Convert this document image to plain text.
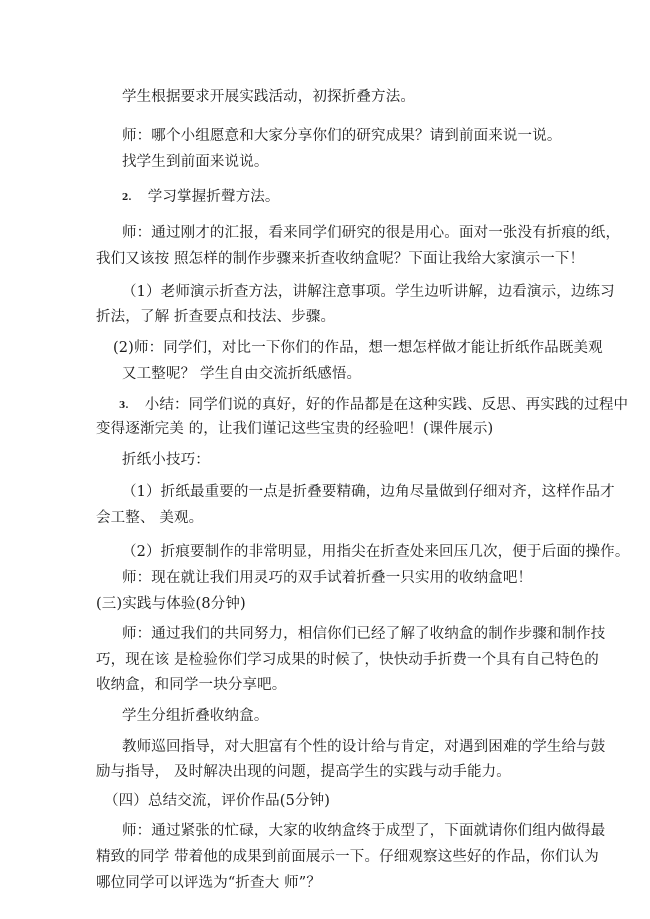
学生根据要求开展实践活动，初探折叠方法。
师：哪个小组愿意和大家分享你们的研究成果？请到前面来说一说。
找学生到前面来说说。
2. 学习掌握折聲方法。
师：通过刚才的汇报，看来同学们研究的很是用心。面对一张没有折痕的纸，
我们又该按 照怎样的制作步骤来折查收纳盒呢？下面让我给大家演示一下！
（1）老师演示折查方法，讲解注意事项。学生边听讲解，边看演示，边练习
折法，了解 折查要点和技法、步骤。
(2)师：同学们，对比一下你们的作品，想一想怎样做才能让折纸作品既美观
又工整呢？ 学生自由交流折纸感悟。
3. 小结：同学们说的真好，好的作品都是在这种实践、反思、再实践的过程中
变得逐渐完美 的，让我们谨记这些宝贵的经验吧！(课件展示)
折纸小技巧：
（1）折纸最重要的一点是折叠要精确，边角尽量做到仔细对齐，这样作品才
会工整、 美观。
（2）折痕要制作的非常明显，用指尖在折查处来回压几次，便于后面的操作。
师：现在就让我们用灵巧的双手试着折叠一只实用的收纳盒吧！
(三)实践与体验(8分钟)
师：通过我们的共同努力，相信你们已经了解了收纳盒的制作步骤和制作技
巧，现在该 是检验你们学习成果的时候了，快快动手折费一个具有自己特色的
收纳盒，和同学一块分享吧。
学生分组折叠收纳盒。
教师巡回指导，对大胆富有个性的设计给与肯定，对遇到困难的学生给与鼓
励与指导， 及时解决出现的问题，提高学生的实践与动手能力。
（四）总结交流，评价作品(5分钟)
师：通过紧张的忙碌，大家的收纳盒终于成型了，下面就请你们组内做得最
精致的同学 带着他的成果到前面展示一下。仔细观察这些好的作品，你们认为
哪位同学可以评选为“折查大 师”？
